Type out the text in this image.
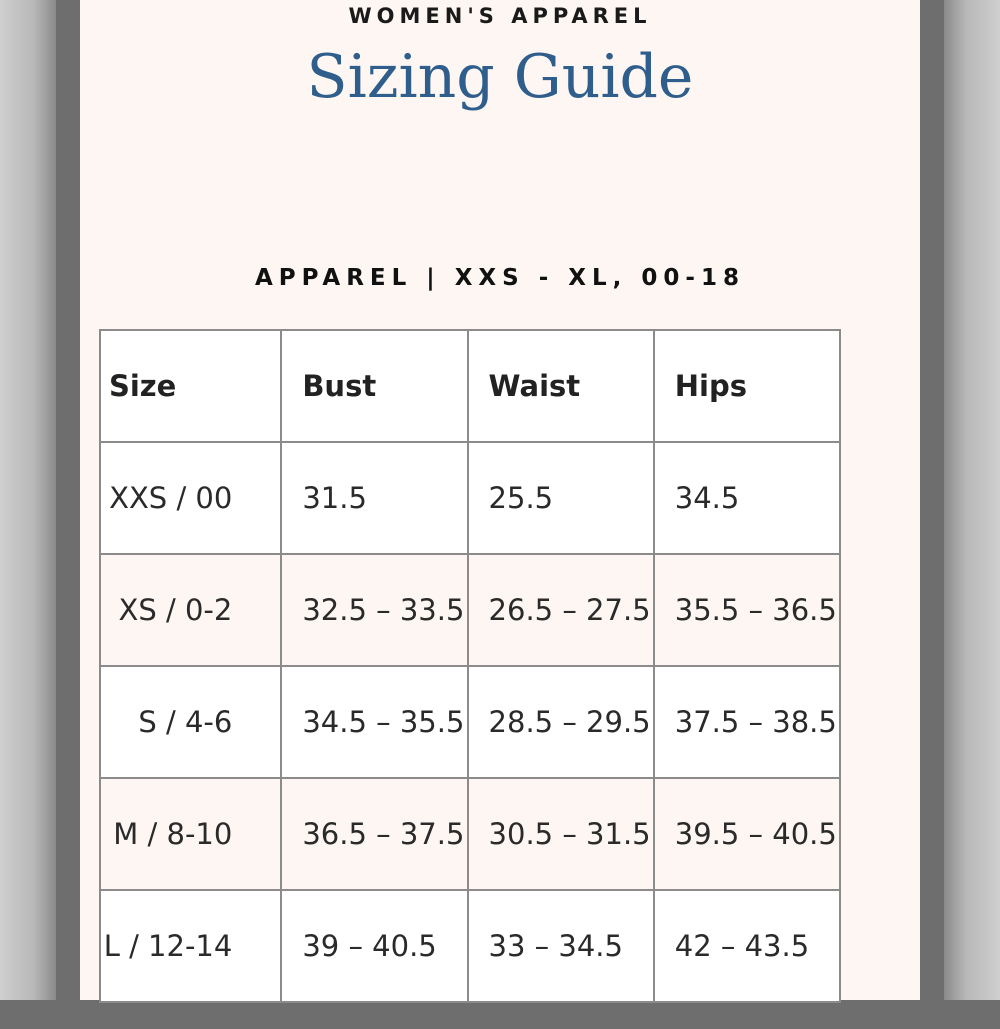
WOMEN'S APPAREL
Sizing Guide
APPAREL | XXS - XL, 00-18
Size	Bust	Waist	Hips
XXS / 00	31.5	25.5	34.5
XS / 0-2	32.5 – 33.5	26.5 – 27.5	35.5 – 36.5
S / 4-6	34.5 – 35.5	28.5 – 29.5	37.5 – 38.5
M / 8-10	36.5 – 37.5	30.5 – 31.5	39.5 – 40.5
L / 12-14	39 – 40.5	33 – 34.5	42 – 43.5
